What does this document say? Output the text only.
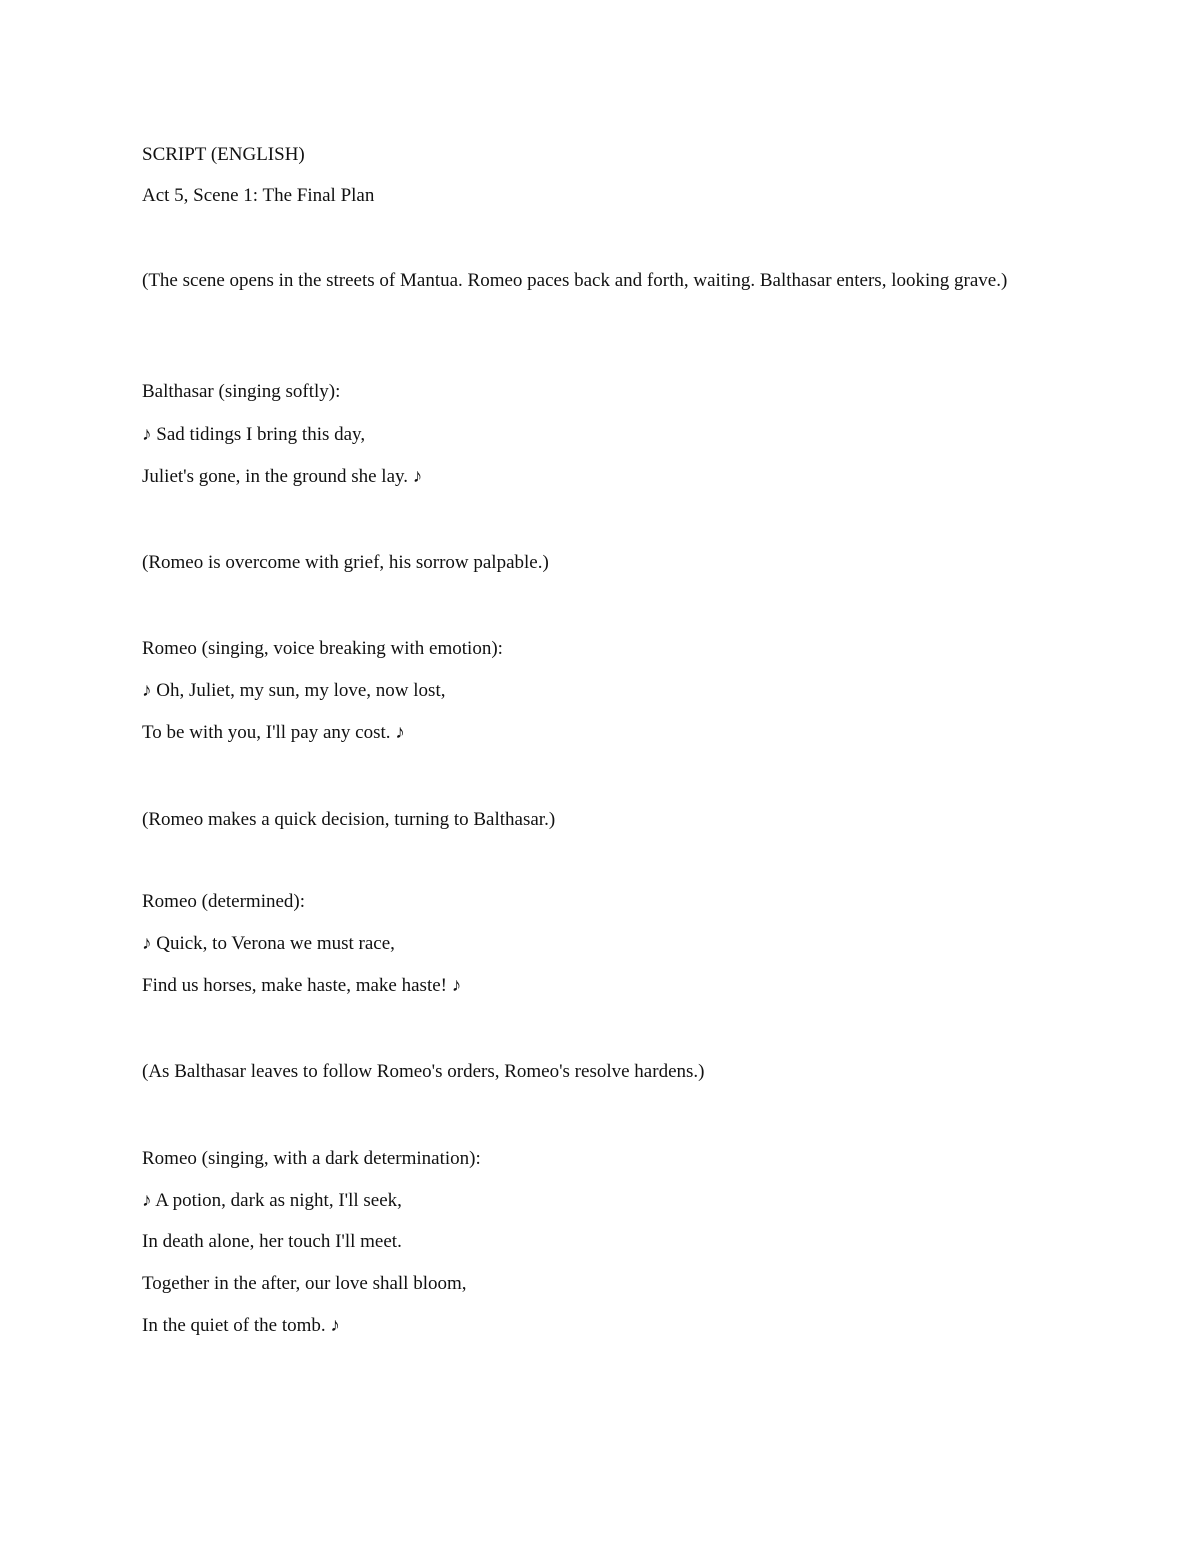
SCRIPT (ENGLISH)
Act 5, Scene 1: The Final Plan
(The scene opens in the streets of Mantua. Romeo paces back and forth, waiting. Balthasar enters, looking grave.)
Balthasar (singing softly):
♪ Sad tidings I bring this day,
Juliet's gone, in the ground she lay. ♪
(Romeo is overcome with grief, his sorrow palpable.)
Romeo (singing, voice breaking with emotion):
♪ Oh, Juliet, my sun, my love, now lost,
To be with you, I'll pay any cost. ♪
(Romeo makes a quick decision, turning to Balthasar.)
Romeo (determined):
♪ Quick, to Verona we must race,
Find us horses, make haste, make haste! ♪
(As Balthasar leaves to follow Romeo's orders, Romeo's resolve hardens.)
Romeo (singing, with a dark determination):
♪ A potion, dark as night, I'll seek,
In death alone, her touch I'll meet.
Together in the after, our love shall bloom,
In the quiet of the tomb. ♪
